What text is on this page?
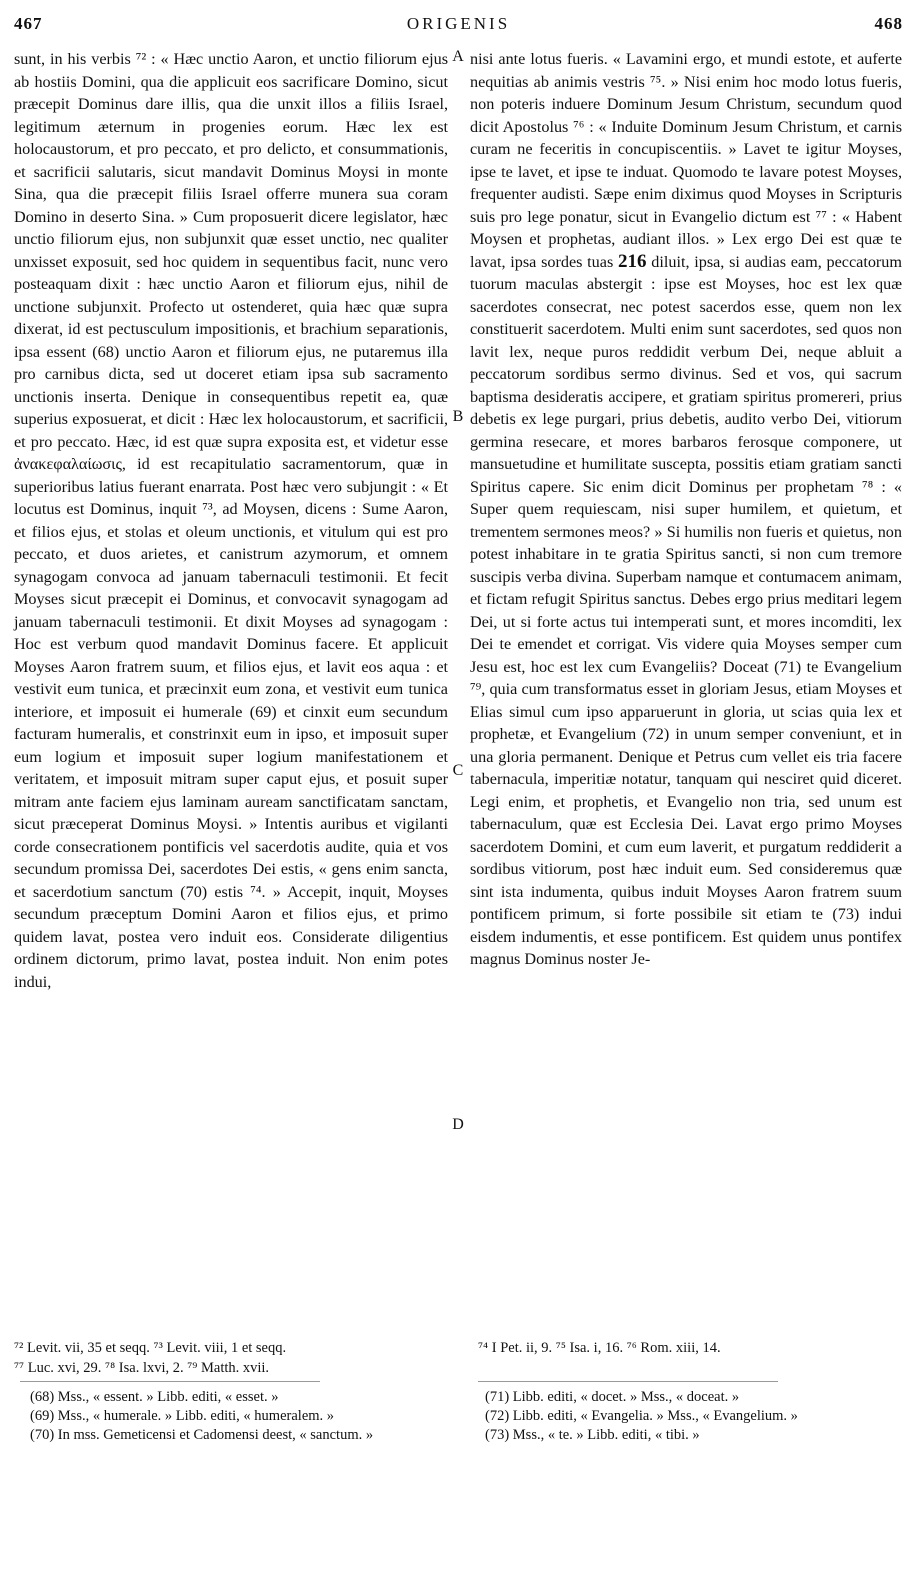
467	ORIGENIS	468

sunt, in his verbis ⁷² : « Hæc unctio Aaron, et unctio filiorum ejus ab hostiis Domini, qua die applicuit eos sacrificare Domino, sicut præcepit Dominus dare illis, qua die unxit illos a filiis Israel, legitimum æternum in progenies eorum. Hæc lex est holocaustorum, et pro peccato, et pro delicto, et consummationis, et sacrificii salutaris, sicut mandavit Dominus Moysi in monte Sina, qua die præcepit filiis Israel offerre munera sua coram Domino in deserto Sina. » Cum proposuerit dicere legislator, hæc unctio filiorum ejus, non subjunxit quæ esset unctio, nec qualiter unxisset exposuit, sed hoc quidem in sequentibus facit, nunc vero posteaquam dixit : hæc unctio Aaron et filiorum ejus, nihil de unctione subjunxit. Profecto ut ostenderet, quia hæc quæ supra dixerat, id est pectusculum impositionis, et brachium separationis, ipsa essent (68) unctio Aaron et filiorum ejus, ne putaremus illa pro carnibus dicta, sed ut doceret etiam ipsa sub sacramento unctionis inserta. Denique in consequentibus repetit ea, quæ superius exposuerat, et dicit : Hæc lex holocaustorum, et sacrificii, et pro peccato. Hæc, id est quæ supra exposita est, et videtur esse ἀνακεφαλαίωσις, id est recapitulatio sacramentorum, quæ in superioribus latius fuerant enarrata. Post hæc vero subjungit : « Et locutus est Dominus, inquit ⁷³, ad Moysen, dicens : Sume Aaron, et filios ejus, et stolas et oleum unctionis, et vitulum qui est pro peccato, et duos arietes, et canistrum azymorum, et omnem synagogam convoca ad januam tabernaculi testimonii. Et fecit Moyses sicut præcepit ei Dominus, et convocavit synagogam ad januam tabernaculi testimonii. Et dixit Moyses ad synagogam : Hoc est verbum quod mandavit Dominus facere. Et applicuit Moyses Aaron fratrem suum, et filios ejus, et lavit eos aqua : et vestivit eum tunica, et præcinxit eum zona, et vestivit eum tunica interiore, et imposuit ei humerale (69) et cinxit eum secundum facturam humeralis, et constrinxit eum in ipso, et imposuit super eum logium et imposuit super logium manifestationem et veritatem, et imposuit mitram super caput ejus, et posuit super mitram ante faciem ejus laminam auream sanctificatam sanctam, sicut præceperat Dominus Moysi. » Intentis auribus et vigilanti corde consecrationem pontificis vel sacerdotis audite, quia et vos secundum promissa Dei, sacerdotes Dei estis, « gens enim sancta, et sacerdotium sanctum (70) estis ⁷⁴. » Accepit, inquit, Moyses secundum præceptum Domini Aaron et filios ejus, et primo quidem lavat, postea vero induit eos. Considerate diligentius ordinem dictorum, primo lavat, postea induit. Non enim potes indui,

A
B
C
D

nisi ante lotus fueris. « Lavamini ergo, et mundi estote, et auferte nequitias ab animis vestris ⁷⁵. » Nisi enim hoc modo lotus fueris, non poteris induere Dominum Jesum Christum, secundum quod dicit Apostolus ⁷⁶ : « Induite Dominum Jesum Christum, et carnis curam ne feceritis in concupiscentiis. » Lavet te igitur Moyses, ipse te lavet, et ipse te induat. Quomodo te lavare potest Moyses, frequenter audisti. Sæpe enim diximus quod Moyses in Scripturis suis pro lege ponatur, sicut in Evangelio dictum est ⁷⁷ : « Habent Moysen et prophetas, audiant illos. » Lex ergo Dei est quæ te lavat, ipsa sordes tuas 216 diluit, ipsa, si audias eam, peccatorum tuorum maculas abstergit : ipse est Moyses, hoc est lex quæ sacerdotes consecrat, nec potest sacerdos esse, quem non lex constituerit sacerdotem. Multi enim sunt sacerdotes, sed quos non lavit lex, neque puros reddidit verbum Dei, neque abluit a peccatorum sordibus sermo divinus. Sed et vos, qui sacrum baptisma desideratis accipere, et gratiam spiritus promereri, prius debetis ex lege purgari, prius debetis, audito verbo Dei, vitiorum germina resecare, et mores barbaros ferosque componere, ut mansuetudine et humilitate suscepta, possitis etiam gratiam sancti Spiritus capere. Sic enim dicit Dominus per prophetam ⁷⁸ : « Super quem requiescam, nisi super humilem, et quietum, et trementem sermones meos? » Si humilis non fueris et quietus, non potest inhabitare in te gratia Spiritus sancti, si non cum tremore suscipis verba divina. Superbam namque et contumacem animam, et fictam refugit Spiritus sanctus. Debes ergo prius meditari legem Dei, ut si forte actus tui intemperati sunt, et mores incomditi, lex Dei te emendet et corrigat. Vis videre quia Moyses semper cum Jesu est, hoc est lex cum Evangeliis? Doceat (71) te Evangelium ⁷⁹, quia cum transformatus esset in gloriam Jesus, etiam Moyses et Elias simul cum ipso apparuerunt in gloria, ut scias quia lex et prophetæ, et Evangelium (72) in unum semper conveniunt, et in una gloria permanent. Denique et Petrus cum vellet eis tria facere tabernacula, imperitiæ notatur, tanquam qui nesciret quid diceret. Legi enim, et prophetis, et Evangelio non tria, sed unum est tabernaculum, quæ est Ecclesia Dei. Lavat ergo primo Moyses sacerdotem Domini, et cum eum laverit, et purgatum reddiderit a sordibus vitiorum, post hæc induit eum. Sed consideremus quæ sint ista indumenta, quibus induit Moyses Aaron fratrem suum pontificem primum, si forte possibile sit etiam te (73) indui eisdem indumentis, et esse pontificem. Est quidem unus pontifex magnus Dominus noster Je-

⁷² Levit. vii, 35 et seqq. ⁷³ Levit. viii, 1 et seqq.
⁷⁷ Luc. xvi, 29. ⁷⁸ Isa. lxvi, 2. ⁷⁹ Matth. xvii.
⁷⁴ I Pet. ii, 9. ⁷⁵ Isa. i, 16. ⁷⁶ Rom. xiii, 14.
(68) Mss., « essent. » Libb. editi, « esset. »
(69) Mss., « humerale. » Libb. editi, « humeralem. »
(70) In mss. Gemeticensi et Cadomensi deest, « sanctum. »
(71) Libb. editi, « docet. » Mss., « doceat. »
(72) Libb. editi, « Evangelia. » Mss., « Evangelium. »
(73) Mss., « te. » Libb. editi, « tibi. »
